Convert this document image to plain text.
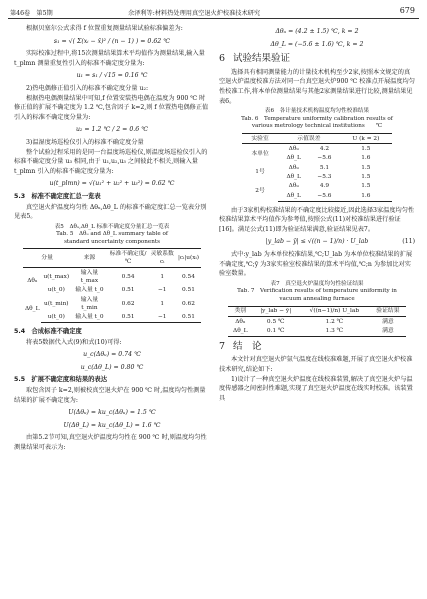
第46卷　第5期	余泽利等:材料热处理用真空退火炉校准技术研究	679

根据贝塞尔公式求得 f 位置重复测量结果试验标准偏差为:

s₁ = √( Σ(xᵢ − x̄)² / (n − 1) ) = 0.62 ℃

实际校准过程中,将15次测量结果算术平均值作为测量结果,输入量 t_plmn 测量重复性引入的标准不确定度分量为:

u₁ = s₁ / √15 = 0.16 ℃

2)热电偶修正值引入的标准不确定度分量 u₂:

根据热电偶测量结果中可知,f 位置安装热电偶在温度为 900 ℃ 时修正值的扩展不确定度为 1.2 ℃,包含因子 k=2,则 f 位置热电偶修正值引入的标准不确定度分量为:

u₂ = 1.2 ℃ / 2 = 0.6 ℃

3)温湿度场巡检仪引入的标准不确定度分量

整个试验过程采用的是同一台温度场巡检仪,则温度场巡检仪引入的标准不确定度分量 u₃ 相同,由于 u₁,u₂,u₃ 之间彼此不相关,则输入量 t_plmn 引入的标准不确定度分量为:

u(t_plmn) = √(u₁² + u₂² + u₃²) = 0.62 ℃
5.3　标准不确定度汇总一览表

真空退火炉温度均匀性 Δθᵤ,Δθ_L 的标准不确定度汇总一览表分别见表5。

表5　Δθᵤ,Δθ_L 标准不确定度分量汇总一览表
Tab. 5　Δθᵤ and Δθ_L summary table of
standard uncertainty components
分量		来源	标准不确定度/℃	灵敏系数cᵢ	|cᵢ|u(xᵢ)
Δθᵤ	u(t_max)	输入量 t_max	0.54	1	0.54
	u(t_0)	输入量 t_0	0.51	−1	0.51
Δθ_L	u(t_min)	输入量 t_min	0.62	1	0.62
	u(t_0)	输入量 t_0	0.51	−1	0.51
5.4　合成标准不确定度

将表5数据代入式(9)和式(10)可得:

u_c(Δθᵤ) = 0.74 ℃
u_c(Δθ_L) = 0.80 ℃
5.5　扩展不确定度和结果的表达

取包含因子 k=2,则被校真空退火炉在 900 ℃ 时,温度均匀性测量结果的扩展不确定度为:

U(Δθᵤ) = ku_c(Δθᵤ) = 1.5 ℃
U(Δθ_L) = ku_c(Δθ_L) = 1.6 ℃

由第5.2节可知,真空退火炉温度均匀性在 900 ℃ 时,则温度均匀性测量结果可表示为:

Δθᵤ = (4.2 ± 1.5) ℃, k = 2
Δθ_L = (−5.6 ± 1.6) ℃, k = 2
6 试验结果验证

选择具有相同测量能力的计量技术机构至少2家,按照本文规定的真空退火炉温度校准方法对同一台真空退火炉900 ℃ 校准点开展温度均匀性校准工作,将本单位测量结果与其他2家测量结果进行比较,测量结果见表6。

表6　各计量技术机构温度均匀性校准结果
Tab. 6　Temperature uniformity calibration results of
various metrology technical institutions　　℃
实验室	示值误差		U (k = 2)
本单位	Δθᵤ	4.2	1.5
	Δθ_L	−5.6	1.6
1号	Δθᵤ	5.1	1.5
	Δθ_L	−5.3	1.5
2号	Δθᵤ	4.9	1.5
	Δθ_L	−5.6	1.6

由于3家机构校准结果的不确定度比较接近,因此选择3家温度均匀性校准结果算术平均值作为参考值,按照公式(11)对校准结果进行验证[16]。满足公式(11)即为验证结果满意,验证结果见表7。

|y_lab − ȳ| ≤ √((n − 1)/n) · U_lab	(11)

式中:y_lab 为本单位校准结果,℃;U_lab 为本单位校准结果的扩展不确定度,℃;ȳ 为3家实验室校准结果的算术平均值,℃;n 为参加比对实验室数量。

表7　真空退火炉温度均匀性验证结果
Tab. 7　Verification results of temperature uniformity in
vacuum annealing furnace
类别	|y_lab − ȳ|	√((n−1)/n) U_lab	验证结果
Δθᵤ	0.5 ℃	1.2 ℃	满意
Δθ_L	0.1 ℃	1.3 ℃	满意
7 结　论

本文针对真空退火炉氩气温度在线校准难题,开展了真空退火炉校准技术研究,结论如下:

1)设计了一种真空退火炉温度在线校准装置,解决了真空退火炉与温度传感器之间密封性难题,实现了真空退火炉温度在线实时校准。该装置具
